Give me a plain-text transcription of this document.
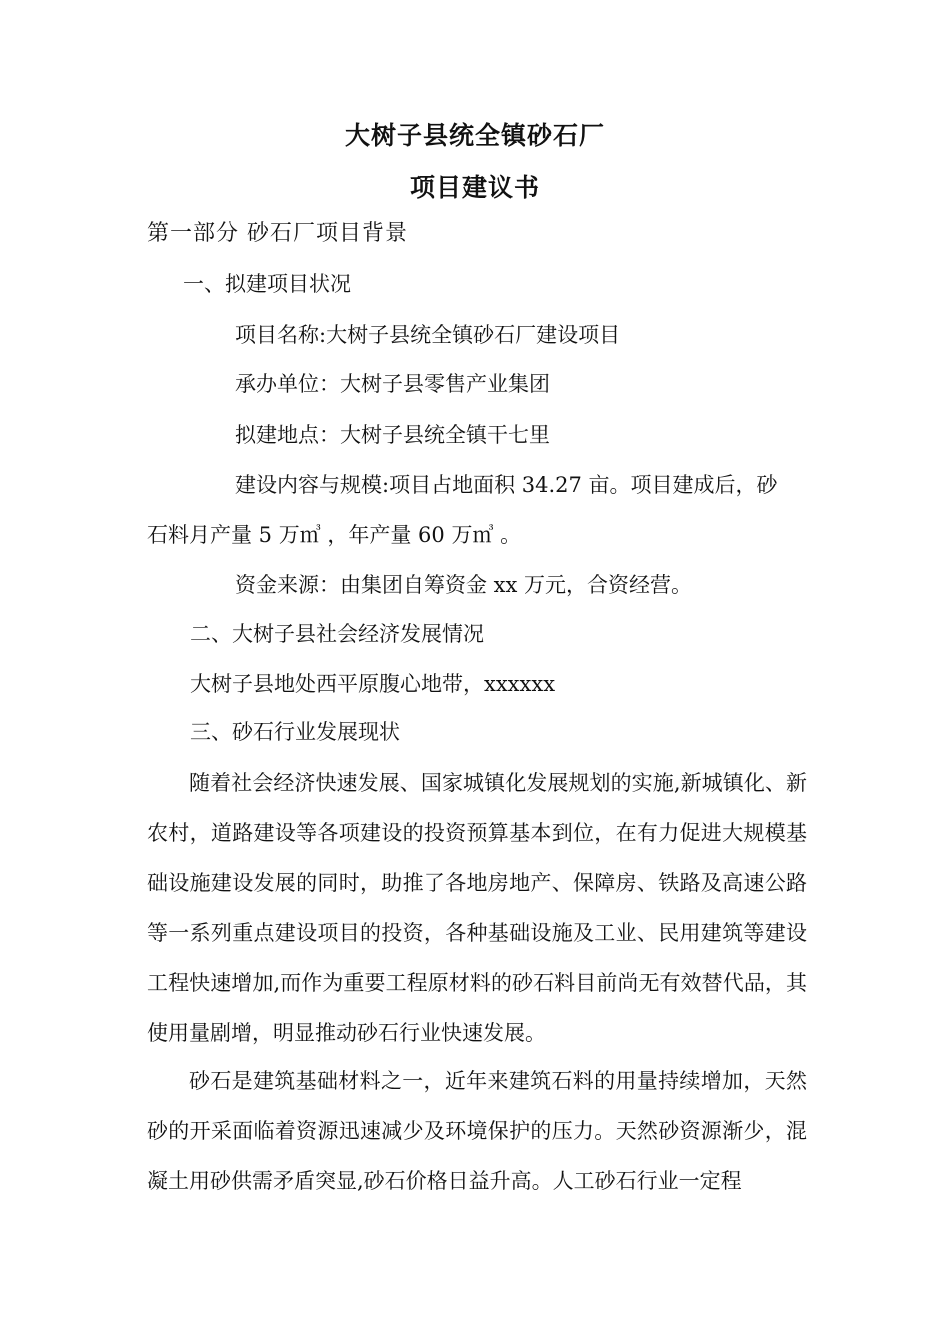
大树子县统全镇砂石厂
项目建议书
第一部分 砂石厂项目背景
一、拟建项目状况
项目名称:大树子县统全镇砂石厂建设项目
承办单位：大树子县零售产业集团
拟建地点：大树子县统全镇干七里
建设内容与规模:项目占地面积 34.27 亩。项目建成后，砂
石料月产量 5 万㎥ ，年产量 60 万㎥ 。
资金来源：由集团自筹资金 xx 万元，合资经营。
二、大树子县社会经济发展情况
大树子县地处西平原腹心地带，xxxxxx
三、砂石行业发展现状

随着社会经济快速发展、国家城镇化发展规划的实施,新城镇化、新农村，道路建设等各项建设的投资预算基本到位，在有力促进大规模基础设施建设发展的同时，助推了各地房地产、保障房、铁路及高速公路等一系列重点建设项目的投资，各种基础设施及工业、民用建筑等建设工程快速增加,而作为重要工程原材料的砂石料目前尚无有效替代品，其使用量剧增，明显推动砂石行业快速发展。

砂石是建筑基础材料之一，近年来建筑石料的用量持续增加，天然砂的开采面临着资源迅速减少及环境保护的压力。天然砂资源渐少，混凝土用砂供需矛盾突显,砂石价格日益升高。人工砂石行业一定程
